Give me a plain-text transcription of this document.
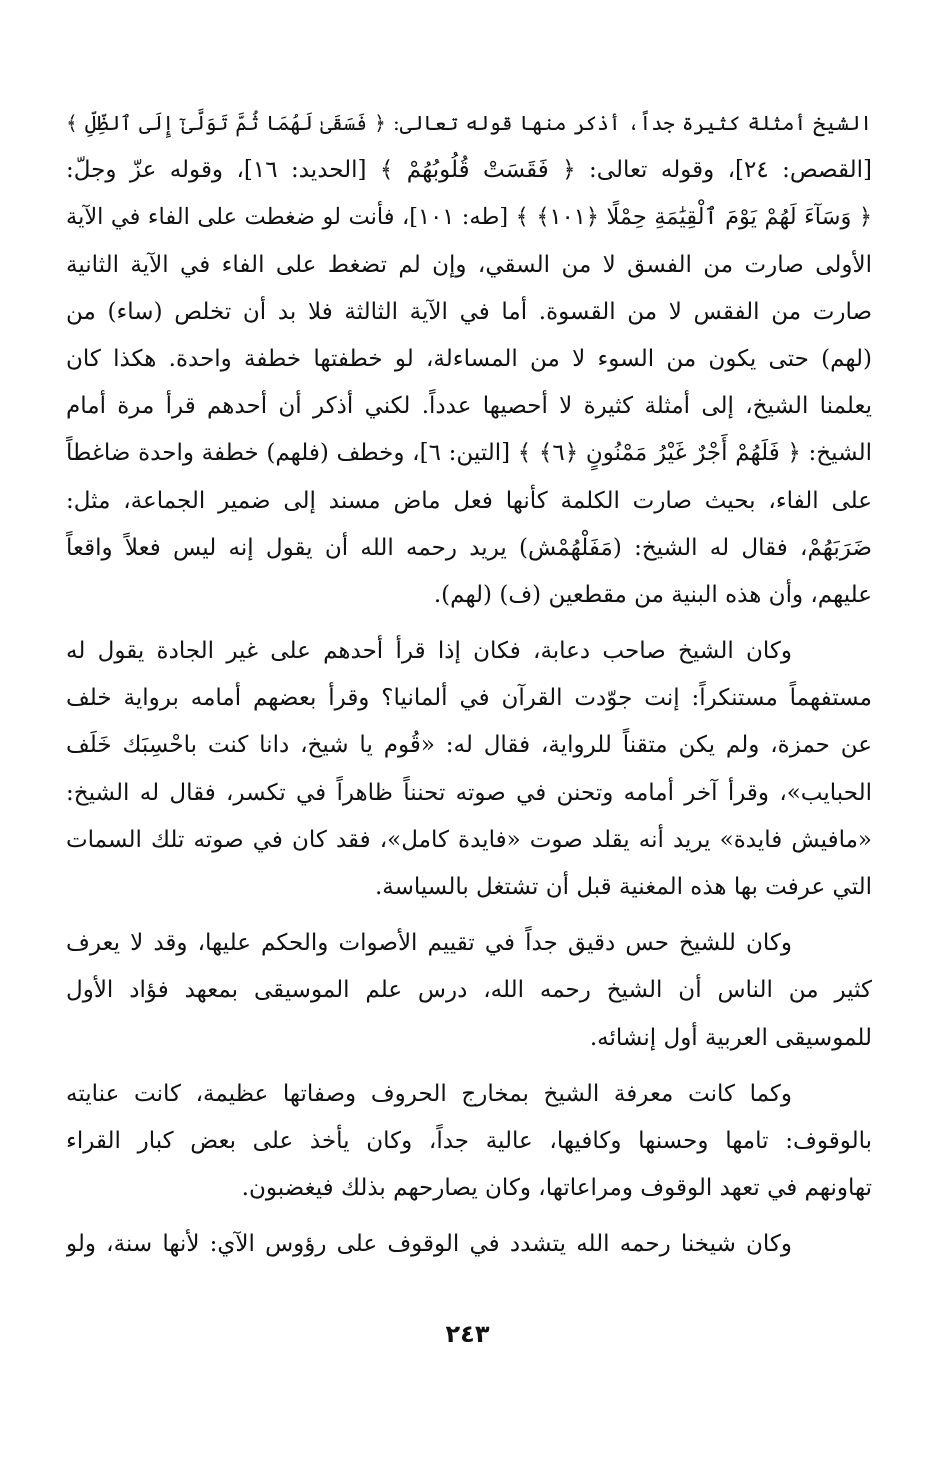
الشيخ أمثلة كثيرة جداً، أذكر منها قوله تعالى: ﴿ فَسَقَىٰ لَهُمَا ثُمَّ تَوَلَّىٰٓ إِلَى ٱلظِّلِّ ﴾
[القصص: ٢٤]، وقوله تعالى: ﴿ فَقَسَتْ قُلُوبُهُمْ ﴾ [الحديد: ١٦]، وقوله عزّ وجلّ:
﴿ وَسَآءَ لَهُمْ يَوْمَ ٱلْقِيَٰمَةِ حِمْلًا ﴿١٠١﴾ ﴾ [طه: ١٠١]، فأنت لو ضغطت على الفاء في الآية
الأولى صارت من الفسق لا من السقي، وإن لم تضغط على الفاء في الآية الثانية
صارت من الفقس لا من القسوة. أما في الآية الثالثة فلا بد أن تخلص (ساء) من
(لهم) حتى يكون من السوء لا من المساءلة، لو خطفتها خطفة واحدة. هكذا كان
يعلمنا الشيخ، إلى أمثلة كثيرة لا أحصيها عدداً. لكني أذكر أن أحدهم قرأ مرة أمام
الشيخ: ﴿ فَلَهُمْ أَجْرٌ غَيْرُ مَمْنُونٍ ﴿٦﴾ ﴾ [التين: ٦]، وخطف (فلهم) خطفة واحدة ضاغطاً
على الفاء، بحيث صارت الكلمة كأنها فعل ماض مسند إلى ضمير الجماعة، مثل:
ضَرَبَهُمْ، فقال له الشيخ: (مَفَلْهُمْش) يريد رحمه الله أن يقول إنه ليس فعلاً واقعاً
عليهم، وأن هذه البنية من مقطعين (ف) (لهم).
وكان الشيخ صاحب دعابة، فكان إذا قرأ أحدهم على غير الجادة يقول له
مستفهماً مستنكراً: إنت جوّدت القرآن في ألمانيا؟ وقرأ بعضهم أمامه برواية خلف
عن حمزة، ولم يكن متقناً للرواية، فقال له: «قُوم يا شيخ، دانا كنت باحْسِبَك خَلَف
الحبايب»، وقرأ آخر أمامه وتحنن في صوته تحنناً ظاهراً في تكسر، فقال له الشيخ:
«مافيش فايدة» يريد أنه يقلد صوت «فايدة كامل»، فقد كان في صوته تلك السمات
التي عرفت بها هذه المغنية قبل أن تشتغل بالسياسة.
وكان للشيخ حس دقيق جداً في تقييم الأصوات والحكم عليها، وقد لا يعرف
كثير من الناس أن الشيخ رحمه الله، درس علم الموسيقى بمعهد فؤاد الأول
للموسيقى العربية أول إنشائه.
وكما كانت معرفة الشيخ بمخارج الحروف وصفاتها عظيمة، كانت عنايته
بالوقوف: تامها وحسنها وكافيها، عالية جداً، وكان يأخذ على بعض كبار القراء
تهاونهم في تعهد الوقوف ومراعاتها، وكان يصارحهم بذلك فيغضبون.
وكان شيخنا رحمه الله يتشدد في الوقوف على رؤوس الآي: لأنها سنة، ولو
٢٤٣
